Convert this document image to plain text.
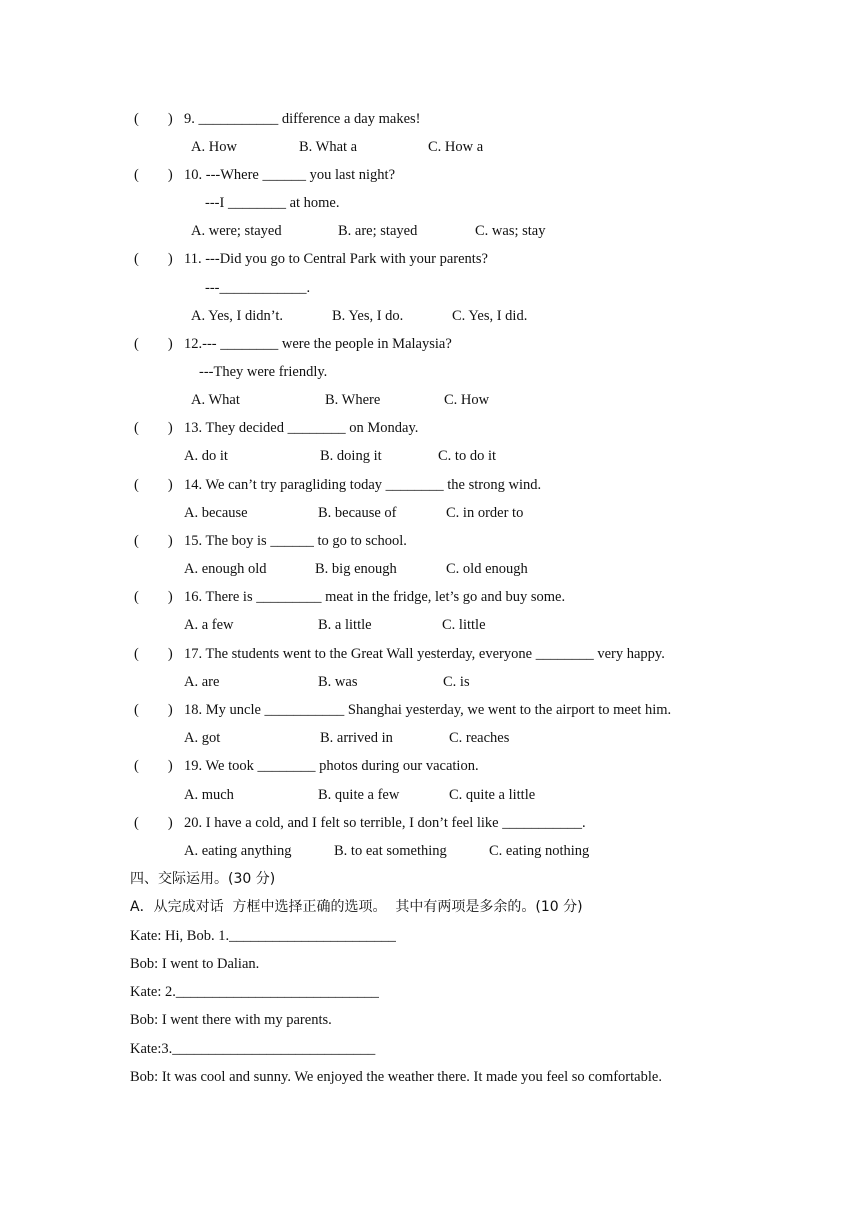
(　　) 9. ___________ difference a day makes!
A. How	B. What a	C. How a
(　　) 10. ---Where ______ you last night?
---I ________ at home.
A. were; stayed	B. are; stayed	C. was; stay
(　　) 11. ---Did you go to Central Park with your parents?
---____________.
A. Yes, I didn’t.	B. Yes, I do.	C. Yes, I did.
(　　) 12.--- ________ were the people in Malaysia?
---They were friendly.
A. What	B. Where	C. How
(　　) 13. They decided ________ on Monday.
A. do it	B. doing it	C. to do it
(　　) 14. We can’t try paragliding today ________ the strong wind.
A. because	B. because of	C. in order to
(　　) 15. The boy is ______ to go to school.
A. enough old	B. big enough	C. old enough
(　　) 16. There is _________ meat in the fridge, let’s go and buy some.
A. a few	B. a little	C. little
(　　) 17. The students went to the Great Wall yesterday, everyone ________ very happy.
A. are	B. was	C. is
(　　) 18. My uncle ___________ Shanghai yesterday, we went to the airport to meet him.
A. got	B. arrived in	C. reaches
(　　) 19. We took ________ photos during our vacation.
A. much	B. quite a few	C. quite a little
(　　) 20. I have a cold, and I felt so terrible, I don’t feel like ___________.
A. eating anything	B. to eat something	C. eating nothing
四、交际运用。(30 分)
A．从完成对话  方框中选择正确的选项。  其中有两项是多余的。(10 分)
Kate: Hi, Bob. 1._______________________
Bob: I went to Dalian.
Kate: 2.____________________________
Bob: I went there with my parents.
Kate:3.____________________________
Bob: It was cool and sunny. We enjoyed the weather there. It made you feel so comfortable.
